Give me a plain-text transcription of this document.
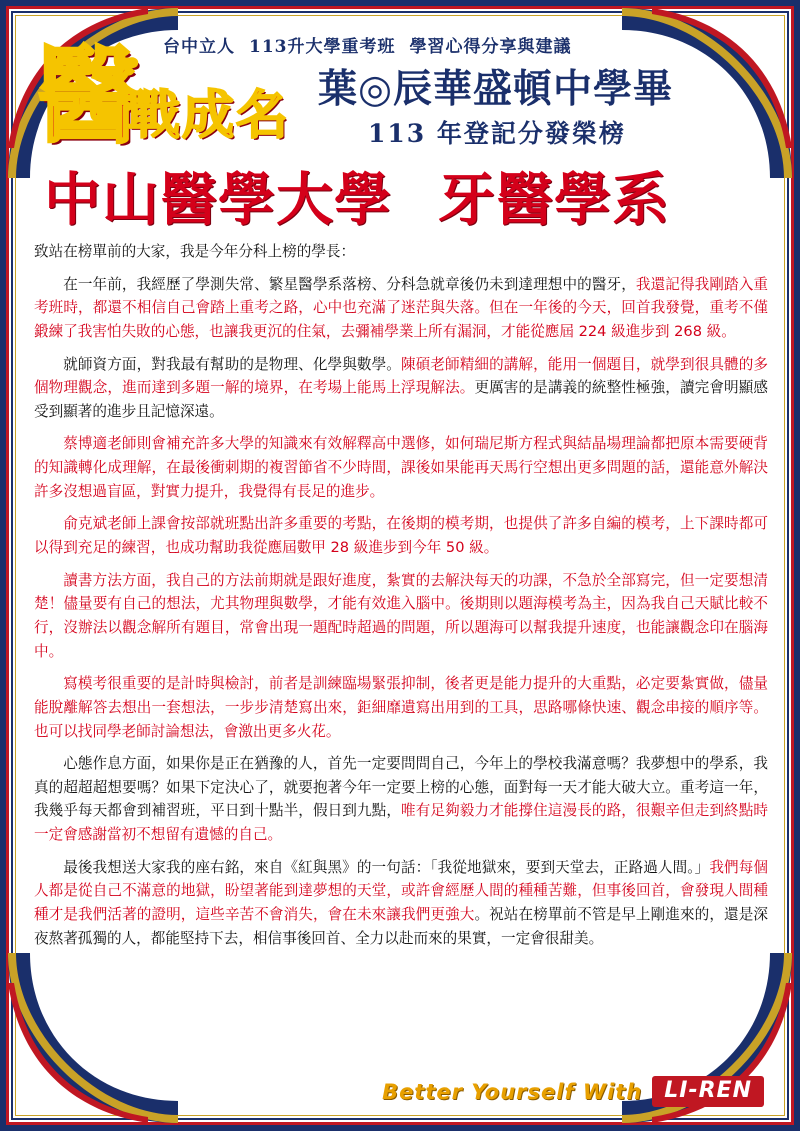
台中立人 113升大學重考班 學習心得分享與建議
醫
戰成名 葉◎辰華盛頓中學畢
113 年登記分發榮榜
中山醫學大學 牙醫學系

致站在榜單前的大家，我是今年分科上榜的學長：

在一年前，我經歷了學測失常、繁星醫學系落榜、分科急就章後仍未到達理想中的醫牙，我還記得我剛踏入重考班時，都還不相信自己會踏上重考之路，心中也充滿了迷茫與失落。但在一年後的今天，回首我發覺，重考不僅鍛練了我害怕失敗的心態，也讓我更沉的住氣，去彌補學業上所有漏洞，才能從應屆 224 級進步到 268 級。

就師資方面，對我最有幫助的是物理、化學與數學。陳碩老師精細的講解，能用一個題目，就學到很具體的多個物理觀念，進而達到多題一解的境界，在考場上能馬上浮現解法。更厲害的是講義的統整性極強，讀完會明顯感受到顯著的進步且記憶深遠。

蔡博適老師則會補充許多大學的知識來有效解釋高中選修，如何瑞尼斯方程式與結晶場理論都把原本需要硬背的知識轉化成理解，在最後衝刺期的複習節省不少時間，課後如果能再天馬行空想出更多問題的話，還能意外解決許多沒想過盲區，對實力提升，我覺得有長足的進步。

俞克斌老師上課會按部就班點出許多重要的考點，在後期的模考期，也提供了許多自編的模考，上下課時都可以得到充足的練習，也成功幫助我從應屆數甲 28 級進步到今年 50 級。

讀書方法方面，我自己的方法前期就是跟好進度，紮實的去解決每天的功課，不急於全部寫完，但一定要想清楚！儘量要有自己的想法，尤其物理與數學，才能有效進入腦中。後期則以題海模考為主，因為我自己天賦比較不行，沒辦法以觀念解所有題目，常會出現一題配時超過的問題，所以題海可以幫我提升速度，也能讓觀念印在腦海中。

寫模考很重要的是計時與檢討，前者是訓練臨場緊張抑制，後者更是能力提升的大重點，必定要紮實做，儘量能脫離解答去想出一套想法，一步步清楚寫出來，鉅細靡遺寫出用到的工具，思路哪條快速、觀念串接的順序等。也可以找同學老師討論想法，會激出更多火花。

心態作息方面，如果你是正在猶豫的人，首先一定要問問自己，今年上的學校我滿意嗎？我夢想中的學系，我真的超超超想要嗎？如果下定決心了，就要抱著今年一定要上榜的心態，面對每一天才能大破大立。重考這一年，我幾乎每天都會到補習班，平日到十點半，假日到九點，唯有足夠毅力才能撐住這漫長的路，很艱辛但走到終點時一定會感謝當初不想留有遺憾的自己。

最後我想送大家我的座右銘，來自《紅與黑》的一句話：「我從地獄來，要到天堂去，正路過人間。」我們每個人都是從自己不滿意的地獄，盼望著能到達夢想的天堂，或許會經歷人間的種種苦難，但事後回首，會發現人間種種才是我們活著的證明，這些辛苦不會消失，會在未來讓我們更強大。祝站在榜單前不管是早上剛進來的，還是深夜熬著孤獨的人，都能堅持下去，相信事後回首、全力以赴而來的果實，一定會很甜美。

Better Yourself With	LI-REN
